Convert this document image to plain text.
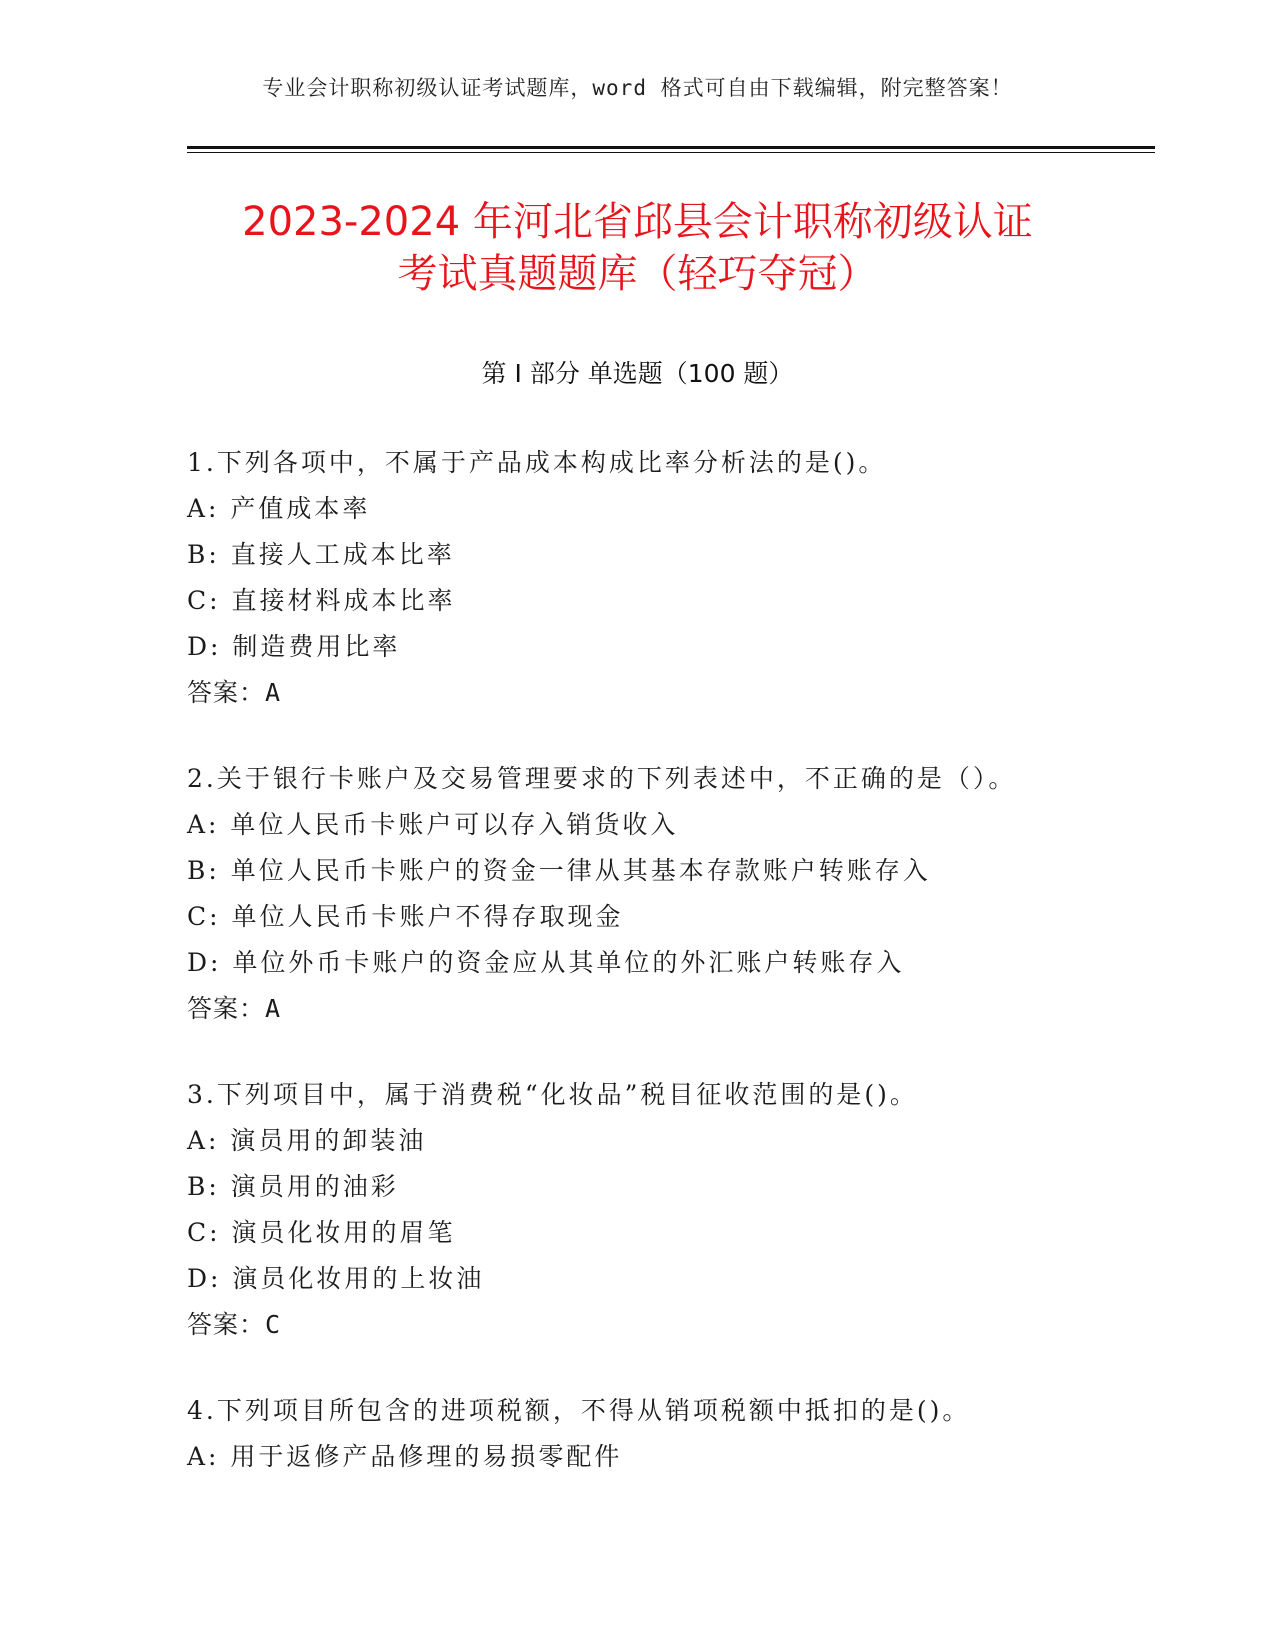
专业会计职称初级认证考试题库，word 格式可自由下载编辑，附完整答案！
2023-2024 年河北省邱县会计职称初级认证
考试真题题库（轻巧夺冠）
第 I 部分 单选题（100 题）
1.下列各项中，不属于产品成本构成比率分析法的是()。
A: 产值成本率
B: 直接人工成本比率
C: 直接材料成本比率
D: 制造费用比率
答案：A
2.关于银行卡账户及交易管理要求的下列表述中，不正确的是（）。
A: 单位人民币卡账户可以存入销货收入
B: 单位人民币卡账户的资金一律从其基本存款账户转账存入
C: 单位人民币卡账户不得存取现金
D: 单位外币卡账户的资金应从其单位的外汇账户转账存入
答案：A
3.下列项目中，属于消费税“化妆品”税目征收范围的是()。
A: 演员用的卸装油
B: 演员用的油彩
C: 演员化妆用的眉笔
D: 演员化妆用的上妆油
答案：C
4.下列项目所包含的进项税额，不得从销项税额中抵扣的是()。
A: 用于返修产品修理的易损零配件
